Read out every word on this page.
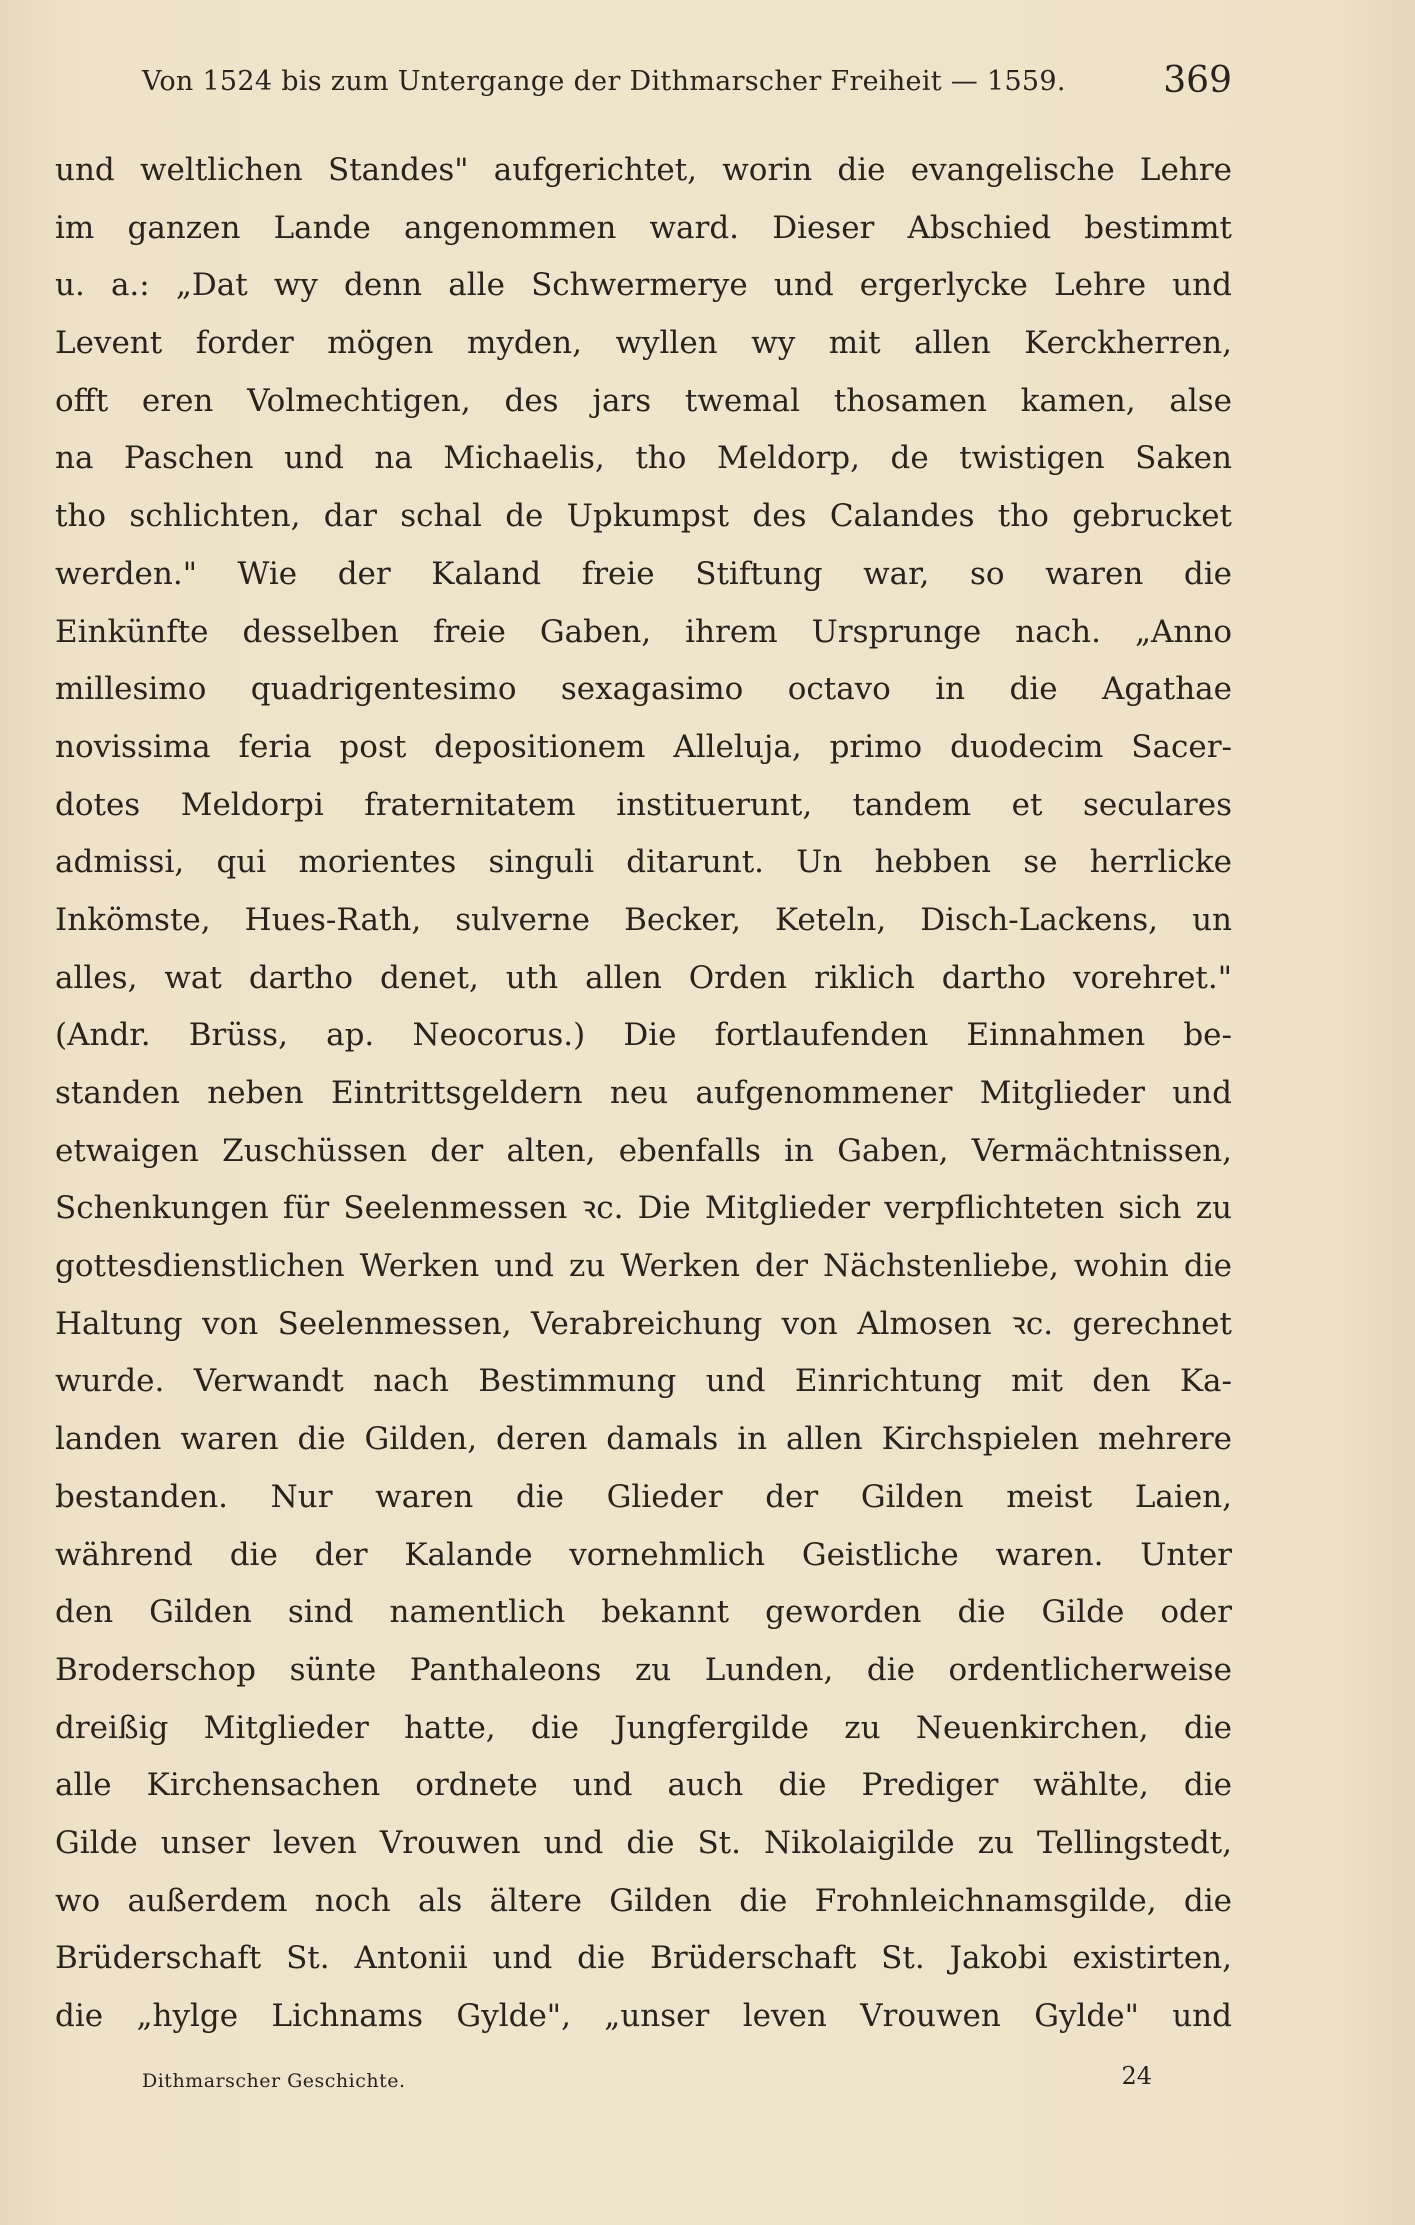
Von 1524 bis zum Untergange der Dithmarscher Freiheit — 1559.	369
und weltlichen Standes" aufgerichtet, worin die evangelische Lehre
im ganzen Lande angenommen ward. Dieser Abschied bestimmt
u. a.: „Dat wy denn alle Schwermerye und ergerlycke Lehre und
Levent forder mögen myden, wyllen wy mit allen Kerckherren,
offt eren Volmechtigen, des jars twemal thosamen kamen, alse
na Paschen und na Michaelis, tho Meldorp, de twistigen Saken
tho schlichten, dar schal de Upkumpst des Calandes tho gebrucket
werden." Wie der Kaland freie Stiftung war, so waren die
Einkünfte desselben freie Gaben, ihrem Ursprunge nach. „Anno
millesimo quadrigentesimo sexagasimo octavo in die Agathae
novissima feria post depositionem Alleluja, primo duodecim Sacer-
dotes Meldorpi fraternitatem instituerunt, tandem et seculares
admissi, qui morientes singuli ditarunt. Un hebben se herrlicke
Inkömste, Hues-Rath, sulverne Becker, Keteln, Disch-Lackens, un
alles, wat dartho denet, uth allen Orden riklich dartho vorehret."
(Andr. Brüss, ap. Neocorus.) Die fortlaufenden Einnahmen be-
standen neben Eintrittsgeldern neu aufgenommener Mitglieder und
etwaigen Zuschüssen der alten, ebenfalls in Gaben, Vermächtnissen,
Schenkungen für Seelenmessen ꝛc. Die Mitglieder verpflichteten sich zu
gottesdienstlichen Werken und zu Werken der Nächstenliebe, wohin die
Haltung von Seelenmessen, Verabreichung von Almosen ꝛc. gerechnet
wurde. Verwandt nach Bestimmung und Einrichtung mit den Ka-
landen waren die Gilden, deren damals in allen Kirchspielen mehrere
bestanden. Nur waren die Glieder der Gilden meist Laien,
während die der Kalande vornehmlich Geistliche waren. Unter
den Gilden sind namentlich bekannt geworden die Gilde oder
Broderschop sünte Panthaleons zu Lunden, die ordentlicherweise
dreißig Mitglieder hatte, die Jungfergilde zu Neuenkirchen, die
alle Kirchensachen ordnete und auch die Prediger wählte, die
Gilde unser leven Vrouwen und die St. Nikolaigilde zu Tellingstedt,
wo außerdem noch als ältere Gilden die Frohnleichnamsgilde, die
Brüderschaft St. Antonii und die Brüderschaft St. Jakobi existirten,
die „hylge Lichnams Gylde", „unser leven Vrouwen Gylde" und
Dithmarscher Geschichte.	24
